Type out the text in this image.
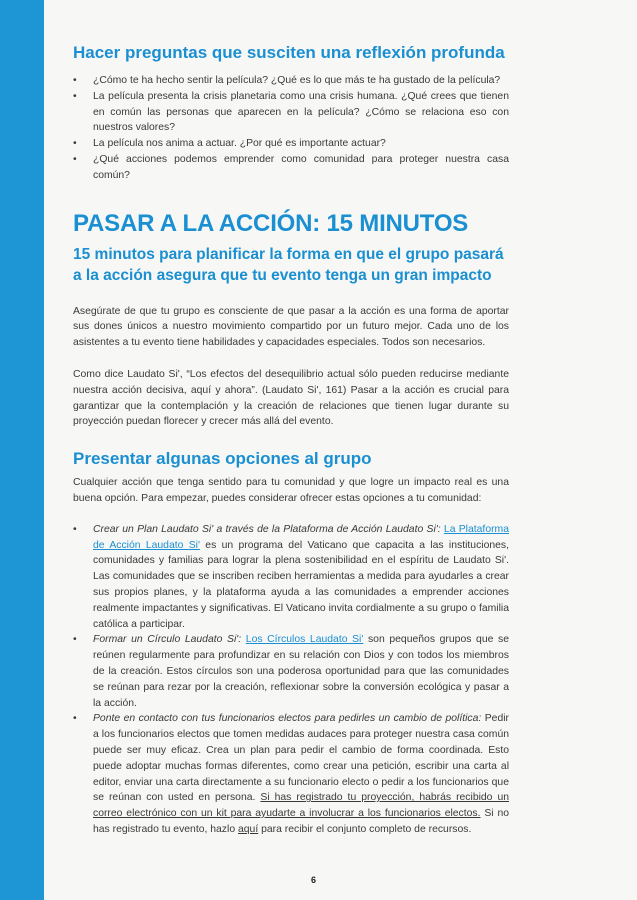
Hacer preguntas que susciten una reflexión profunda
• ¿Cómo te ha hecho sentir la película? ¿Qué es lo que más te ha gustado de la película?
• La película presenta la crisis planetaria como una crisis humana. ¿Qué crees que tienen en común las personas que aparecen en la película? ¿Cómo se relaciona eso con nuestros valores?
• La película nos anima a actuar. ¿Por qué es importante actuar?
• ¿Qué acciones podemos emprender como comunidad para proteger nuestra casa común?
PASAR A LA ACCIÓN: 15 MINUTOS
15 minutos para planificar la forma en que el grupo pasará a la acción asegura que tu evento tenga un gran impacto

Asegúrate de que tu grupo es consciente de que pasar a la acción es una forma de aportar sus dones únicos a nuestro movimiento compartido por un futuro mejor. Cada uno de los asistentes a tu evento tiene habilidades y capacidades especiales. Todos son necesarios.

Como dice Laudato Si', “Los efectos del desequilibrio actual sólo pueden reducirse mediante nuestra acción decisiva, aquí y ahora”. (Laudato Si', 161) Pasar a la acción es crucial para garantizar que la contemplación y la creación de relaciones que tienen lugar durante su proyección puedan florecer y crecer más allá del evento.

Presentar algunas opciones al grupo

Cualquier acción que tenga sentido para tu comunidad y que logre un impacto real es una buena opción. Para empezar, puedes considerar ofrecer estas opciones a tu comunidad:

• Crear un Plan Laudato Si' a través de la Plataforma de Acción Laudato Si': La Plataforma de Acción Laudato Si' es un programa del Vaticano que capacita a las instituciones, comunidades y familias para lograr la plena sostenibilidad en el espíritu de Laudato Si'. Las comunidades que se inscriben reciben herramientas a medida para ayudarles a crear sus propios planes, y la plataforma ayuda a las comunidades a emprender acciones realmente impactantes y significativas. El Vaticano invita cordialmente a su grupo o familia católica a participar.
• Formar un Círculo Laudato Si': Los Círculos Laudato Si' son pequeños grupos que se reúnen regularmente para profundizar en su relación con Dios y con todos los miembros de la creación. Estos círculos son una poderosa oportunidad para que las comunidades se reúnan para rezar por la creación, reflexionar sobre la conversión ecológica y pasar a la acción.
• Ponte en contacto con tus funcionarios electos para pedirles un cambio de política: Pedir a los funcionarios electos que tomen medidas audaces para proteger nuestra casa común puede ser muy eficaz. Crea un plan para pedir el cambio de forma coordinada. Esto puede adoptar muchas formas diferentes, como crear una petición, escribir una carta al editor, enviar una carta directamente a su funcionario electo o pedir a los funcionarios que se reúnan con usted en persona. Si has registrado tu proyección, habrás recibido un correo electrónico con un kit para ayudarte a involucrar a los funcionarios electos. Si no has registrado tu evento, hazlo aquí para recibir el conjunto completo de recursos.
6
